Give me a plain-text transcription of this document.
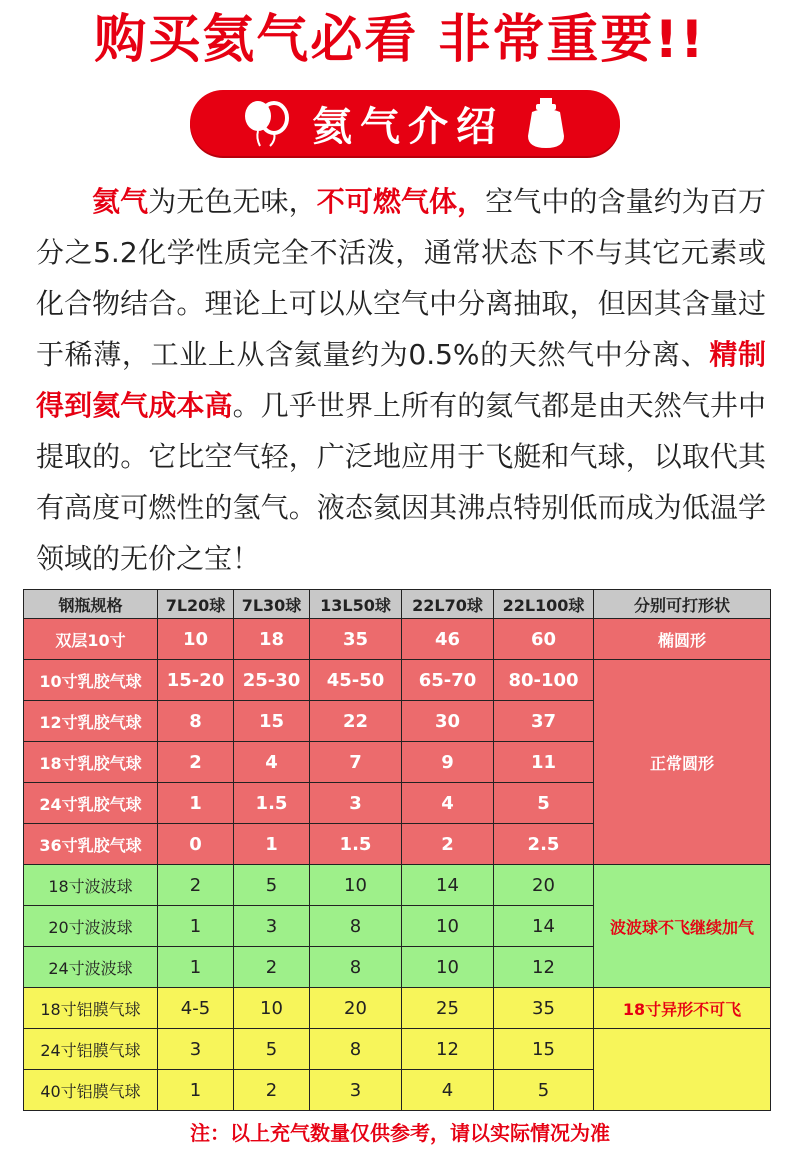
购买氦气必看 非常重要!!
氦气介绍

氦气为无色无味，不可燃气体，空气中的含量约为百万分之5.2化学性质完全不活泼，通常状态下不与其它元素或化合物结合。理论上可以从空气中分离抽取，但因其含量过于稀薄，工业上从含氦量约为0.5%的天然气中分离、精制得到氦气成本高。几乎世界上所有的氦气都是由天然气井中提取的。它比空气轻，广泛地应用于飞艇和气球，以取代其有高度可燃性的氢气。液态氦因其沸点特别低而成为低温学领域的无价之宝！

钢瓶规格	7L20球	7L30球	13L50球	22L70球	22L100球	分别可打形状
双层10寸	10	18	35	46	60	椭圆形
10寸乳胶气球	15-20	25-30	45-50	65-70	80-100	正常圆形
12寸乳胶气球	8	15	22	30	37	
18寸乳胶气球	2	4	7	9	11	
24寸乳胶气球	1	1.5	3	4	5	
36寸乳胶气球	0	1	1.5	2	2.5	
18寸波波球	2	5	10	14	20	波波球不飞继续加气
20寸波波球	1	3	8	10	14	
24寸波波球	1	2	8	10	12	
18寸铝膜气球	4-5	10	20	25	35	18寸异形不可飞
24寸铝膜气球	3	5	8	12	15	
40寸铝膜气球	1	2	3	4	5	
注：以上充气数量仅供参考，请以实际情况为准
